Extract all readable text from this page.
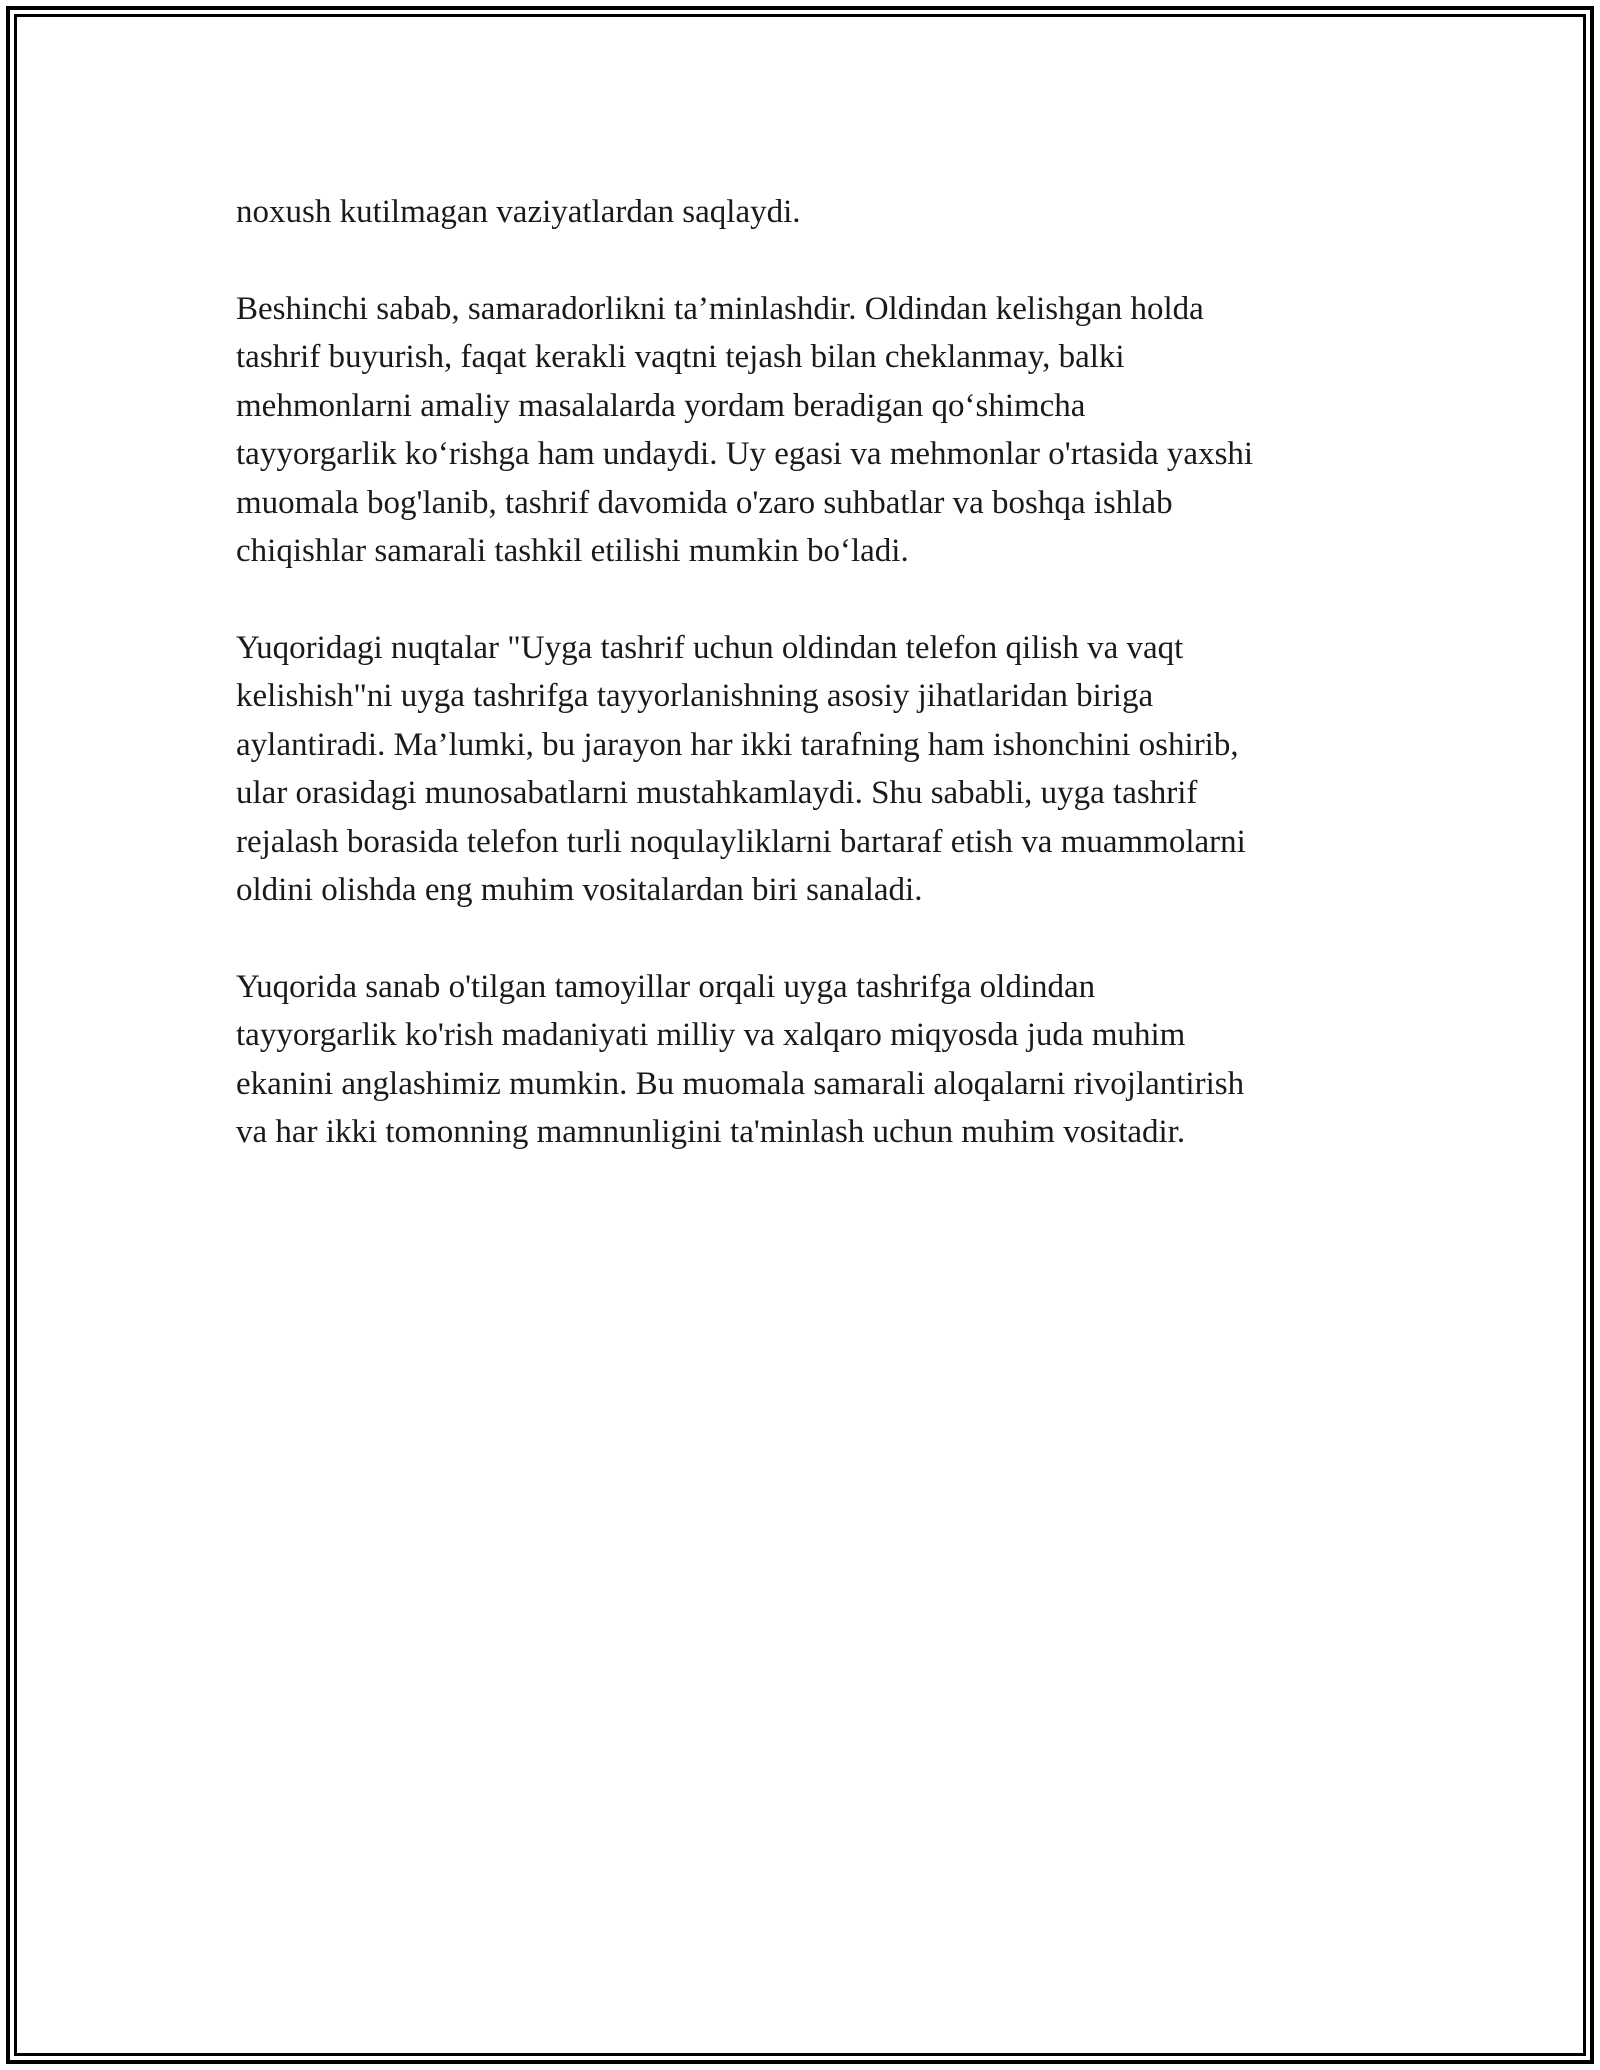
noxush kutilmagan vaziyatlardan saqlaydi.

Beshinchi sabab, samaradorlikni ta’minlashdir. Oldindan kelishgan holda
tashrif buyurish, faqat kerakli vaqtni tejash bilan cheklanmay, balki
mehmonlarni amaliy masalalarda yordam beradigan qo‘shimcha
tayyorgarlik ko‘rishga ham undaydi. Uy egasi va mehmonlar o'rtasida yaxshi
muomala bog'lanib, tashrif davomida o'zaro suhbatlar va boshqa ishlab
chiqishlar samarali tashkil etilishi mumkin bo‘ladi.

Yuqoridagi nuqtalar "Uyga tashrif uchun oldindan telefon qilish va vaqt
kelishish"ni uyga tashrifga tayyorlanishning asosiy jihatlaridan biriga
aylantiradi. Ma’lumki, bu jarayon har ikki tarafning ham ishonchini oshirib,
ular orasidagi munosabatlarni mustahkamlaydi. Shu sababli, uyga tashrif
rejalash borasida telefon turli noqulayliklarni bartaraf etish va muammolarni
oldini olishda eng muhim vositalardan biri sanaladi.

Yuqorida sanab o'tilgan tamoyillar orqali uyga tashrifga oldindan
tayyorgarlik ko'rish madaniyati milliy va xalqaro miqyosda juda muhim
ekanini anglashimiz mumkin. Bu muomala samarali aloqalarni rivojlantirish
va har ikki tomonning mamnunligini ta'minlash uchun muhim vositadir.
